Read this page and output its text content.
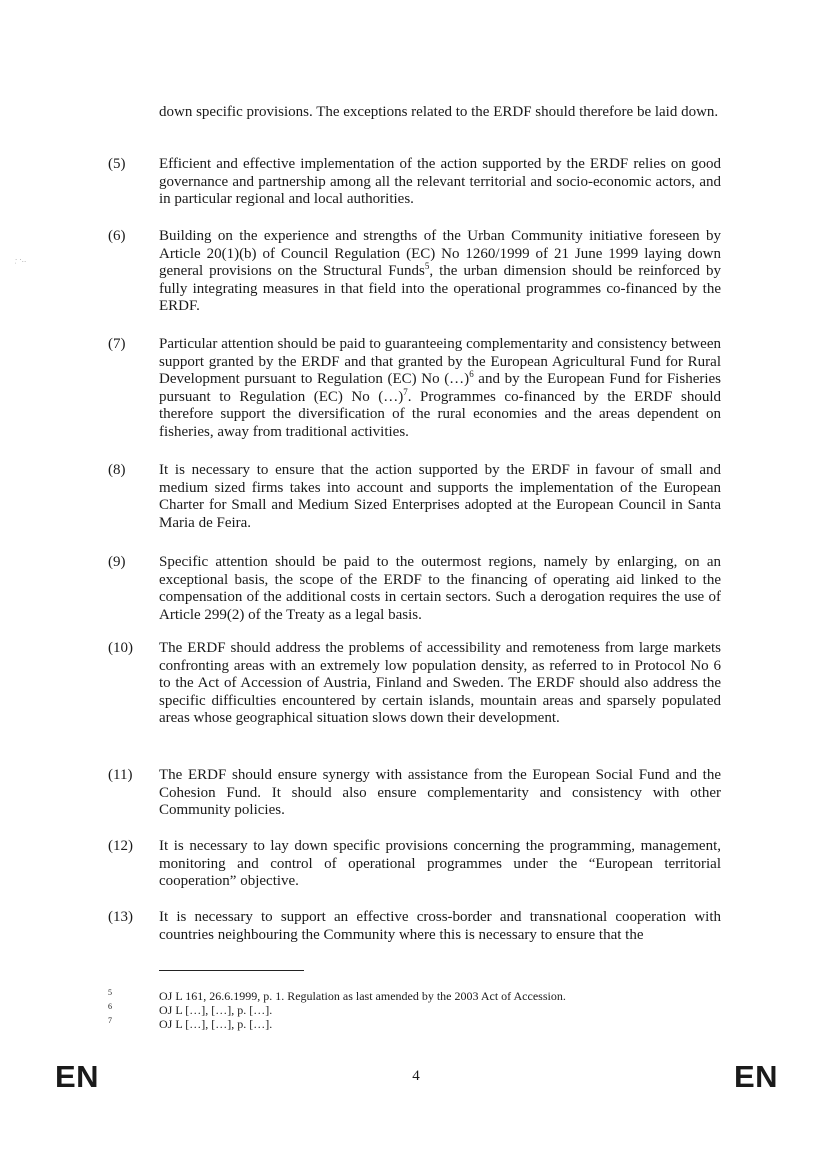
·̣ ·‥
down specific provisions. The exceptions related to the ERDF should therefore be laid down.
(5)	Efficient and effective implementation of the action supported by the ERDF relies on good governance and partnership among all the relevant territorial and socio-economic actors, and in particular regional and local authorities.
(6)	Building on the experience and strengths of the Urban Community initiative foreseen by Article 20(1)(b) of Council Regulation (EC) No 1260/1999 of 21 June 1999 laying down general provisions on the Structural Funds$^5$, the urban dimension should be reinforced by fully integrating measures in that field into the operational programmes co-financed by the ERDF.
(7)	Particular attention should be paid to guaranteeing complementarity and consistency between support granted by the ERDF and that granted by the European Agricultural Fund for Rural Development pursuant to Regulation (EC) No (…)$^6$ and by the European Fund for Fisheries pursuant to Regulation (EC) No (…)$^7$. Programmes co-financed by the ERDF should therefore support the diversification of the rural economies and the areas dependent on fisheries, away from traditional activities.
(8)	It is necessary to ensure that the action supported by the ERDF in favour of small and medium sized firms takes into account and supports the implementation of the European Charter for Small and Medium Sized Enterprises adopted at the European Council in Santa Maria de Feira.
(9)	Specific attention should be paid to the outermost regions, namely by enlarging, on an exceptional basis, the scope of the ERDF to the financing of operating aid linked to the compensation of the additional costs in certain sectors. Such a derogation requires the use of Article 299(2) of the Treaty as a legal basis.
(10)	The ERDF should address the problems of accessibility and remoteness from large markets confronting areas with an extremely low population density, as referred to in Protocol No 6 to the Act of Accession of Austria, Finland and Sweden. The ERDF should also address the specific difficulties encountered by certain islands, mountain areas and sparsely populated areas whose geographical situation slows down their development.
(11)	The ERDF should ensure synergy with assistance from the European Social Fund and the Cohesion Fund. It should also ensure complementarity and consistency with other Community policies.
(12)	It is necessary to lay down specific provisions concerning the programming, management, monitoring and control of operational programmes under the “European territorial cooperation” objective.
(13)	It is necessary to support an effective cross-border and transnational cooperation with countries neighbouring the Community where this is necessary to ensure that the
5	OJ L 161, 26.6.1999, p. 1. Regulation as last amended by the 2003 Act of Accession.
6	OJ L […], […], p. […].
7	OJ L […], […], p. […].
EN	4	EN
